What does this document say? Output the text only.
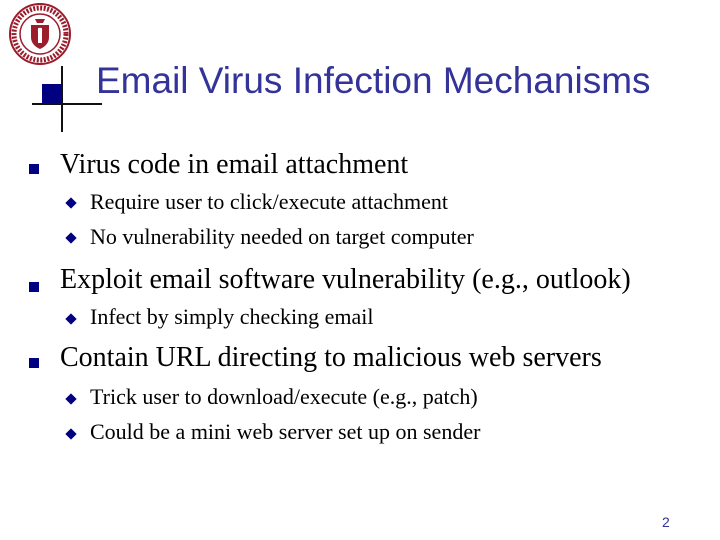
Email Virus Infection Mechanisms
Virus code in email attachment
Require user to click/execute attachment
No vulnerability needed on target computer
Exploit email software vulnerability (e.g., outlook)
Infect by simply checking email
Contain URL directing to malicious web servers
Trick user to download/execute (e.g., patch)
Could be a mini web server set up on sender
2
